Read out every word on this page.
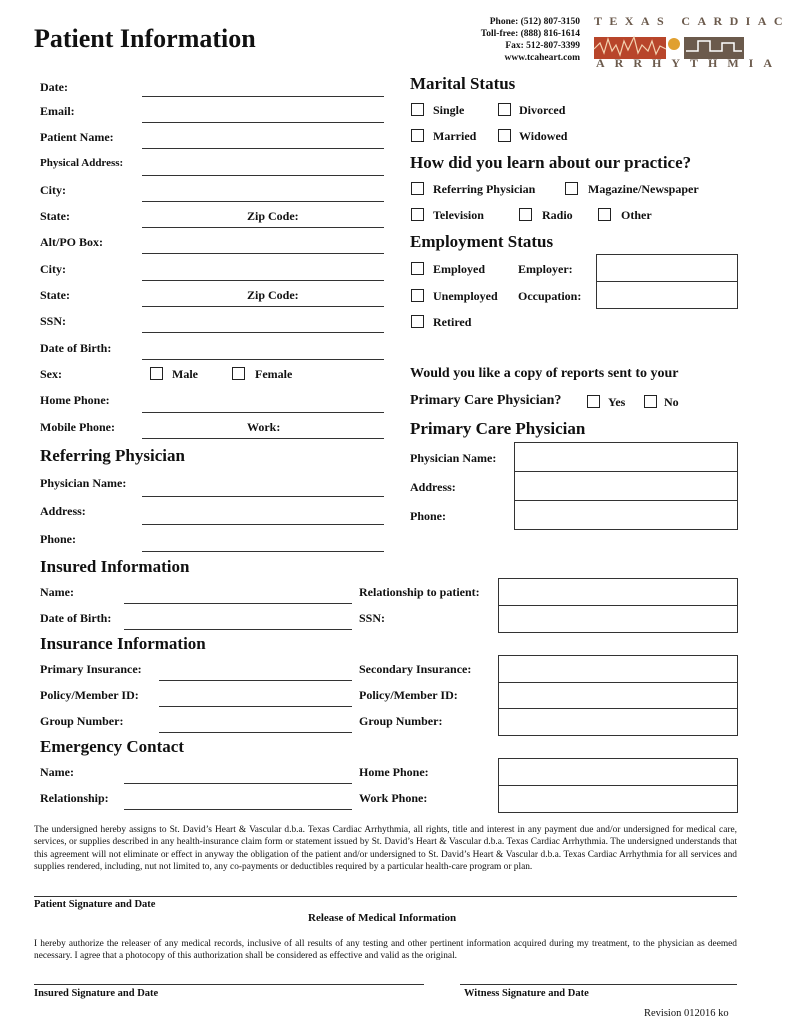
Patient Information
Phone: (512) 807-3150
Toll-free: (888) 816-1614
Fax: 512-807-3399
www.tcaheart.com
TEXAS CARDIAC
ARRHYTHMIA
Date:
Email:
Patient Name:
Physical Address:
City:
State:	Zip Code:
Alt/PO Box:
City:
State:	Zip Code:
SSN:
Date of Birth:
Sex:	Male	Female
Home Phone:
Mobile Phone:	Work:
Marital Status
Single	Divorced
Married	Widowed
How did you learn about our practice?
Referring Physician	Magazine/Newspaper
Television	Radio	Other
Employment Status
Employed	Employer:
Unemployed Occupation:
Retired
Would you like a copy of reports sent to your
Primary Care Physician?	Yes	No
Primary Care Physician
Physician Name:
Address:
Phone:
Referring Physician
Physician Name:
Address:
Phone:
Insured Information
Name:	Relationship to patient:
Date of Birth:	SSN:
Insurance Information
Primary Insurance:	Secondary Insurance:
Policy/Member ID:	Policy/Member ID:
Group Number:	Group Number:
Emergency Contact
Name:	Home Phone:
Relationship:	Work Phone:
The undersigned hereby assigns to St. David’s Heart & Vascular d.b.a. Texas Cardiac Arrhythmia, all rights, title and interest in any payment due and/or undersigned for medical care, services, or supplies described in any health-insurance claim form or statement issued by St. David’s Heart & Vascular d.b.a. Texas Cardiac Arrhythmia. The undersigned understands that this agreement will not eliminate or effect in anyway the obligation of the patient and/or undersigned to St. David’s Heart & Vascular d.b.a. Texas Cardiac Arrhythmia for all services and supplies rendered, including, nut not limited to, any co-payments or deductibles required by a particular health-care program or plan.
Patient Signature and Date
Release of Medical Information
I hereby authorize the releaser of any medical records, inclusive of all results of any testing and other pertinent information acquired during my treatment, to the physician as deemed necessary. I agree that a photocopy of this authorization shall be considered as effective and valid as the original.
Insured Signature and Date	Witness Signature and Date
Revision 012016 ko
